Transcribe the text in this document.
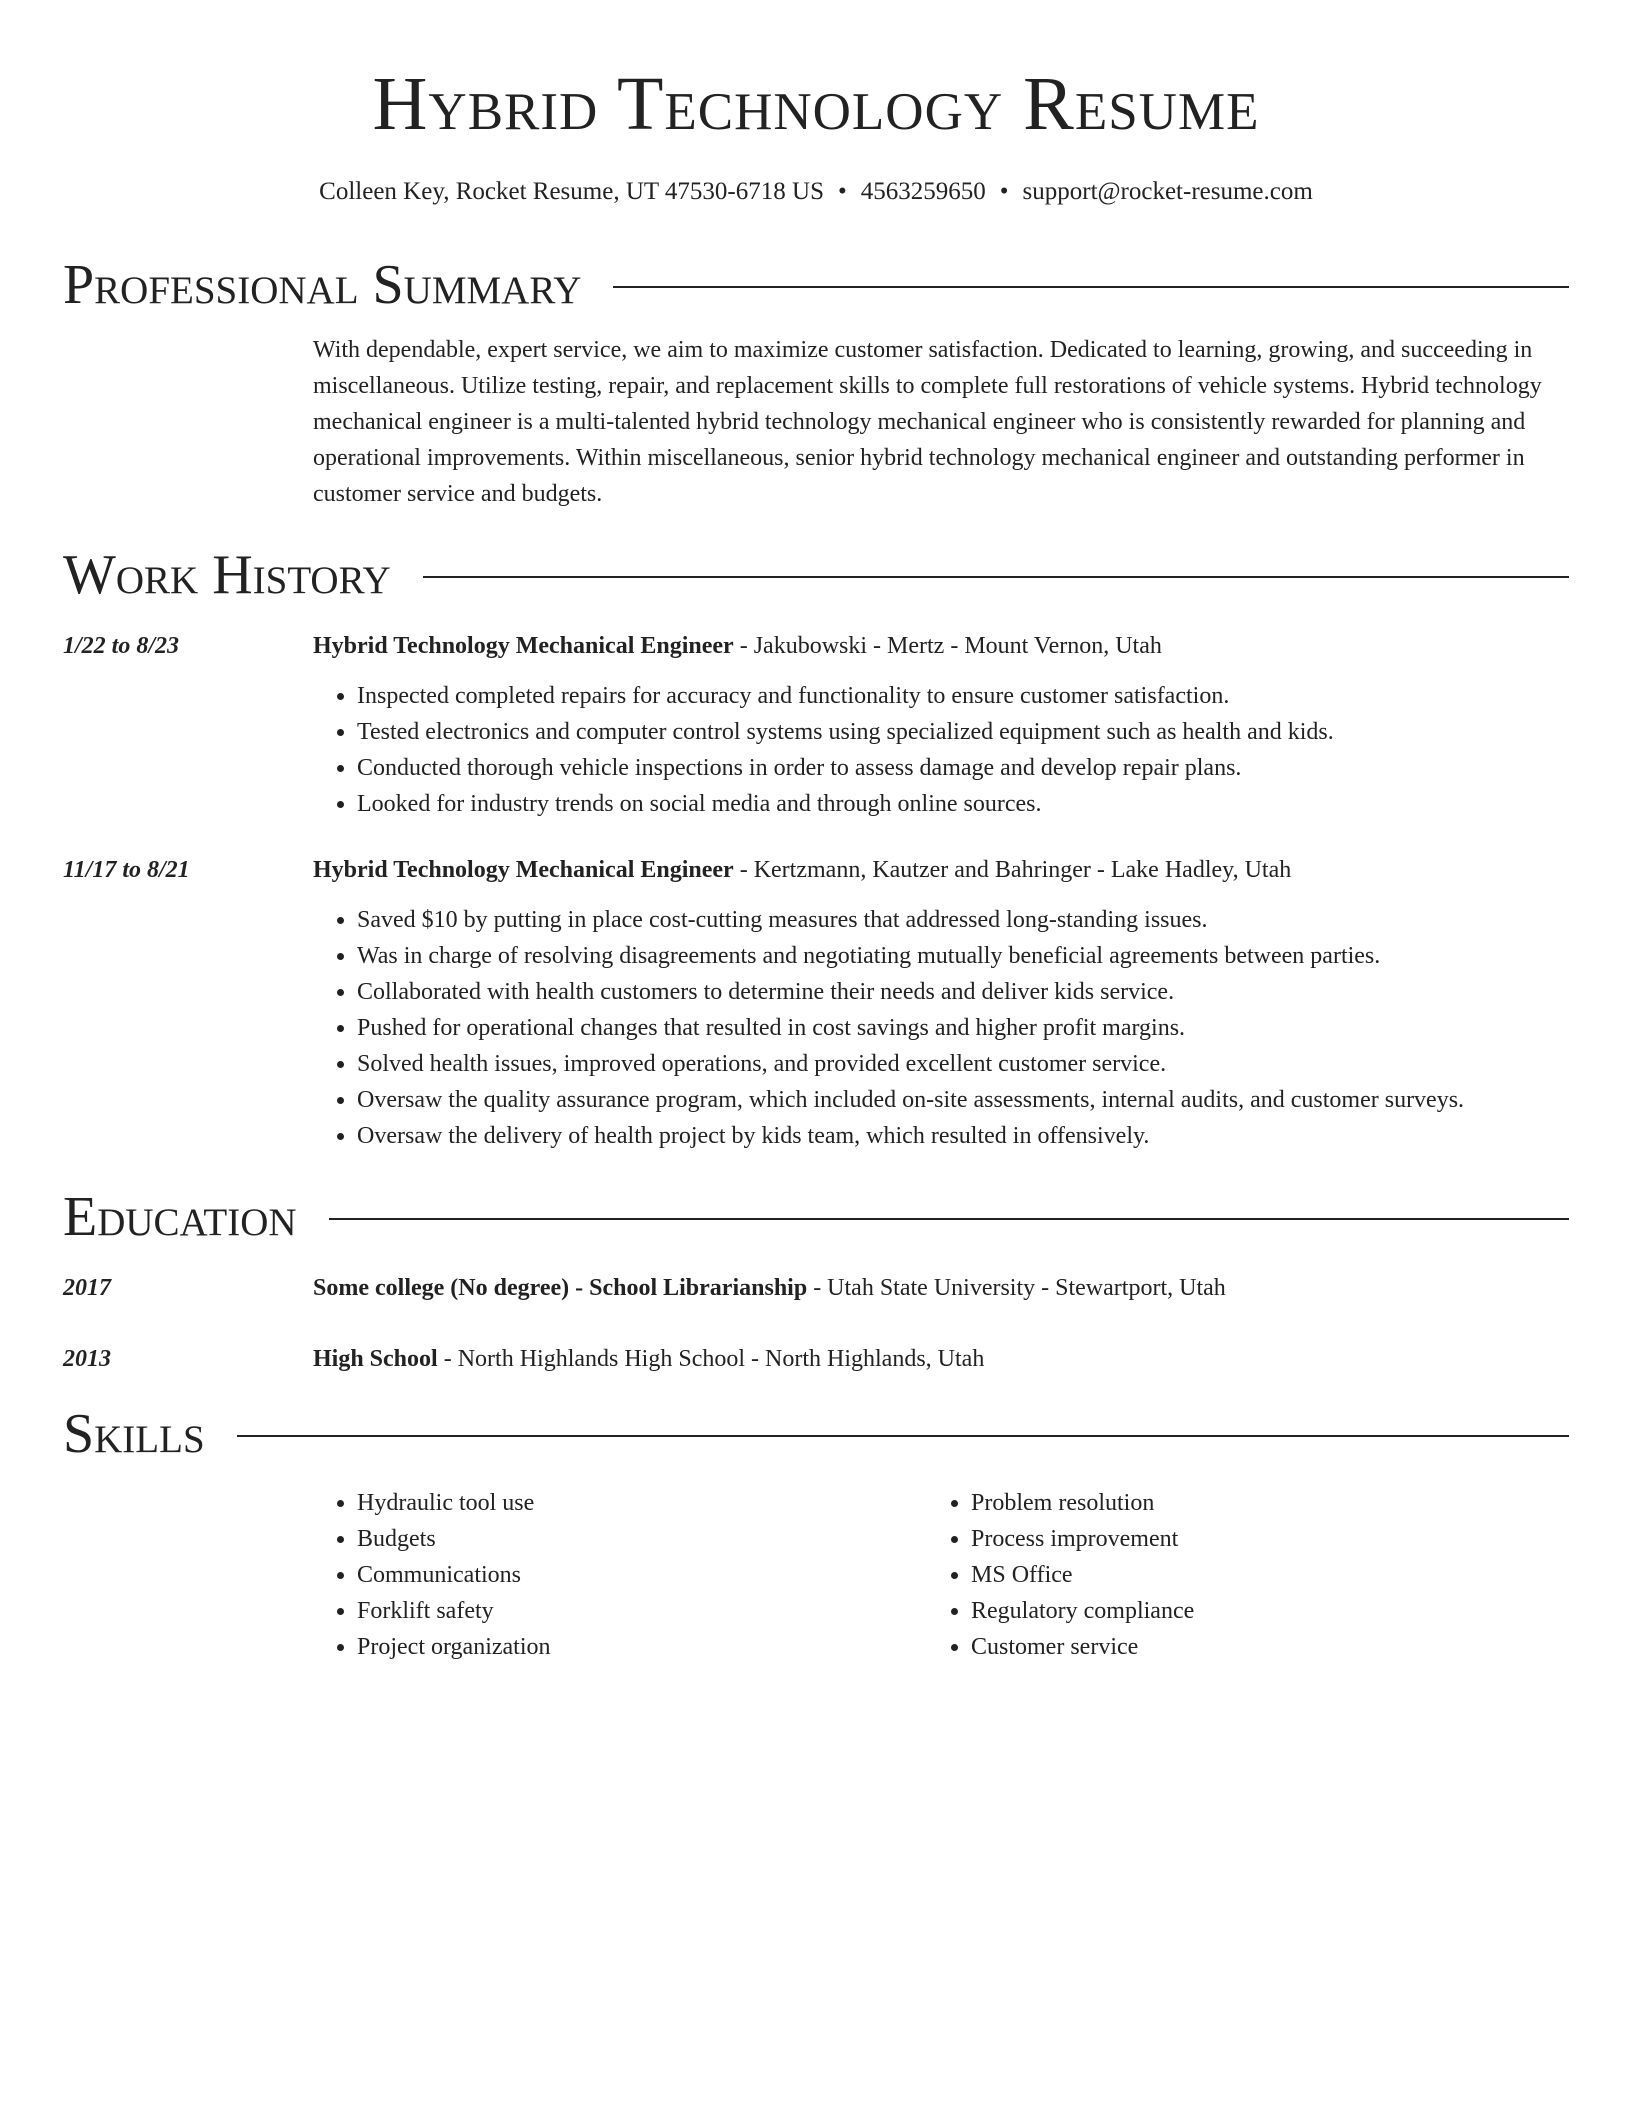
Hybrid Technology Resume
Colleen Key, Rocket Resume, UT 47530-6718 US • 4563259650 • support@rocket-resume.com
Professional Summary
With dependable, expert service, we aim to maximize customer satisfaction. Dedicated to learning, growing, and succeeding in miscellaneous. Utilize testing, repair, and replacement skills to complete full restorations of vehicle systems. Hybrid technology mechanical engineer is a multi-talented hybrid technology mechanical engineer who is consistently rewarded for planning and operational improvements. Within miscellaneous, senior hybrid technology mechanical engineer and outstanding performer in customer service and budgets.
Work History
1/22 to 8/23	Hybrid Technology Mechanical Engineer - Jakubowski - Mertz - Mount Vernon, Utah
• Inspected completed repairs for accuracy and functionality to ensure customer satisfaction.
• Tested electronics and computer control systems using specialized equipment such as health and kids.
• Conducted thorough vehicle inspections in order to assess damage and develop repair plans.
• Looked for industry trends on social media and through online sources.
11/17 to 8/21	Hybrid Technology Mechanical Engineer - Kertzmann, Kautzer and Bahringer - Lake Hadley, Utah
• Saved $10 by putting in place cost-cutting measures that addressed long-standing issues.
• Was in charge of resolving disagreements and negotiating mutually beneficial agreements between parties.
• Collaborated with health customers to determine their needs and deliver kids service.
• Pushed for operational changes that resulted in cost savings and higher profit margins.
• Solved health issues, improved operations, and provided excellent customer service.
• Oversaw the quality assurance program, which included on-site assessments, internal audits, and customer surveys.
• Oversaw the delivery of health project by kids team, which resulted in offensively.
Education
2017	Some college (No degree) - School Librarianship - Utah State University - Stewartport, Utah
2013	High School - North Highlands High School - North Highlands, Utah
Skills
• Hydraulic tool use
• Budgets
• Communications
• Forklift safety
• Project organization
• Problem resolution
• Process improvement
• MS Office
• Regulatory compliance
• Customer service
